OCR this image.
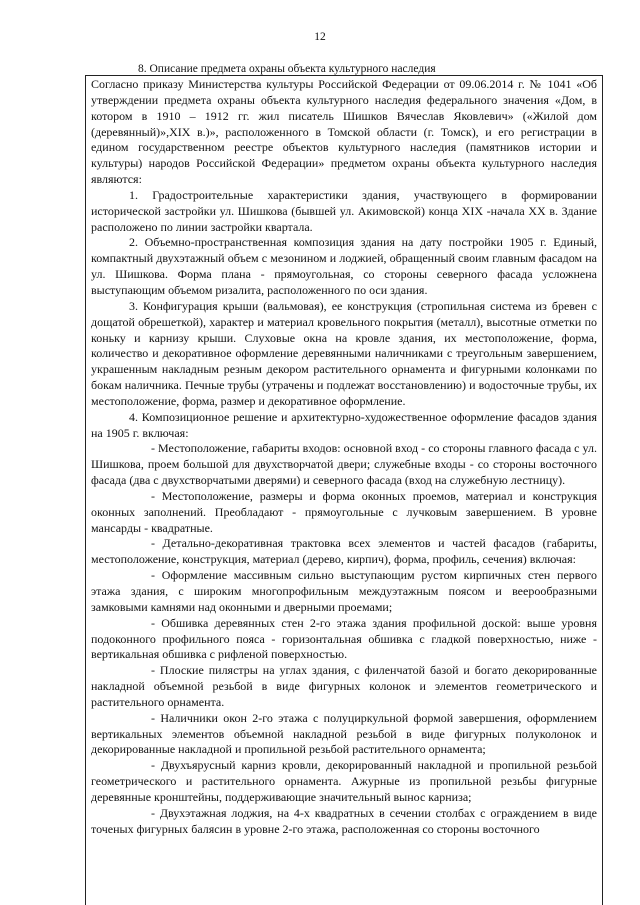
12
8. Описание предмета охраны объекта культурного наследия

Согласно приказу Министерства культуры Российской Федерации от 09.06.2014 г. № 1041 «Об утверждении предмета охраны объекта культурного наследия федерального значения «Дом, в котором в 1910 – 1912 гг. жил писатель Шишков Вячеслав Яковлевич» («Жилой дом (деревянный)»,XIX в.)», расположенного в Томской области (г. Томск), и его регистрации в едином государственном реестре объектов культурного наследия (памятников истории и культуры) народов Российской Федерации» предметом охраны объекта культурного наследия являются:

1. Градостроительные характеристики здания, участвующего в формировании исторической застройки ул. Шишкова (бывшей ул. Акимовской) конца XIX -начала XX в. Здание расположено по линии застройки квартала.

2. Объемно-пространственная композиция здания на дату постройки 1905 г. Единый, компактный двухэтажный объем с мезонином и лоджией, обращенный своим главным фасадом на ул. Шишкова. Форма плана - прямоугольная, со стороны северного фасада усложнена выступающим объемом ризалита, расположенного по оси здания.

3. Конфигурация крыши (вальмовая), ее конструкция (стропильная система из бревен с дощатой обрешеткой), характер и материал кровельного покрытия (металл), высотные отметки по коньку и карнизу крыши. Слуховые окна на кровле здания, их местоположение, форма, количество и декоративное оформление деревянными наличниками с треугольным завершением, украшенным накладным резным декором растительного орнамента и фигурными колонками по бокам наличника. Печные трубы (утрачены и подлежат восстановлению) и водосточные трубы, их местоположение, форма, размер и декоративное оформление.

4. Композиционное решение и архитектурно-художественное оформление фасадов здания на 1905 г. включая:

- Местоположение, габариты входов: основной вход - со стороны главного фасада с ул. Шишкова, проем большой для двухстворчатой двери; служебные входы - со стороны восточного фасада (два с двухстворчатыми дверями) и северного фасада (вход на служебную лестницу).

- Местоположение, размеры и форма оконных проемов, материал и конструкция оконных заполнений. Преобладают - прямоугольные с лучковым завершением. В уровне мансарды - квадратные.

- Детально-декоративная трактовка всех элементов и частей фасадов (габариты, местоположение, конструкция, материал (дерево, кирпич), форма, профиль, сечения) включая:

- Оформление массивным сильно выступающим рустом кирпичных стен первого этажа здания, с широким многопрофильным междуэтажным поясом и веерообразными замковыми камнями над оконными и дверными проемами;

- Обшивка деревянных стен 2-го этажа здания профильной доской: выше уровня подоконного профильного пояса - горизонтальная обшивка с гладкой поверхностью, ниже - вертикальная обшивка с рифленой поверхностью.

- Плоские пилястры на углах здания, с филенчатой базой и богато декорированные накладной объемной резьбой в виде фигурных колонок и элементов геометрического и растительного орнамента.

- Наличники окон 2-го этажа с полуциркульной формой завершения, оформлением вертикальных элементов объемной накладной резьбой в виде фигурных полуколонок и декорированные накладной и пропильной резьбой растительного орнамента;

- Двухъярусный карниз кровли, декорированный накладной и пропильной резьбой геометрического и растительного орнамента. Ажурные из пропильной резьбы фигурные деревянные кронштейны, поддерживающие значительный вынос карниза;

- Двухэтажная лоджия, на 4-х квадратных в сечении столбах с ограждением в виде точеных фигурных балясин в уровне 2-го этажа, расположенная со стороны восточного
